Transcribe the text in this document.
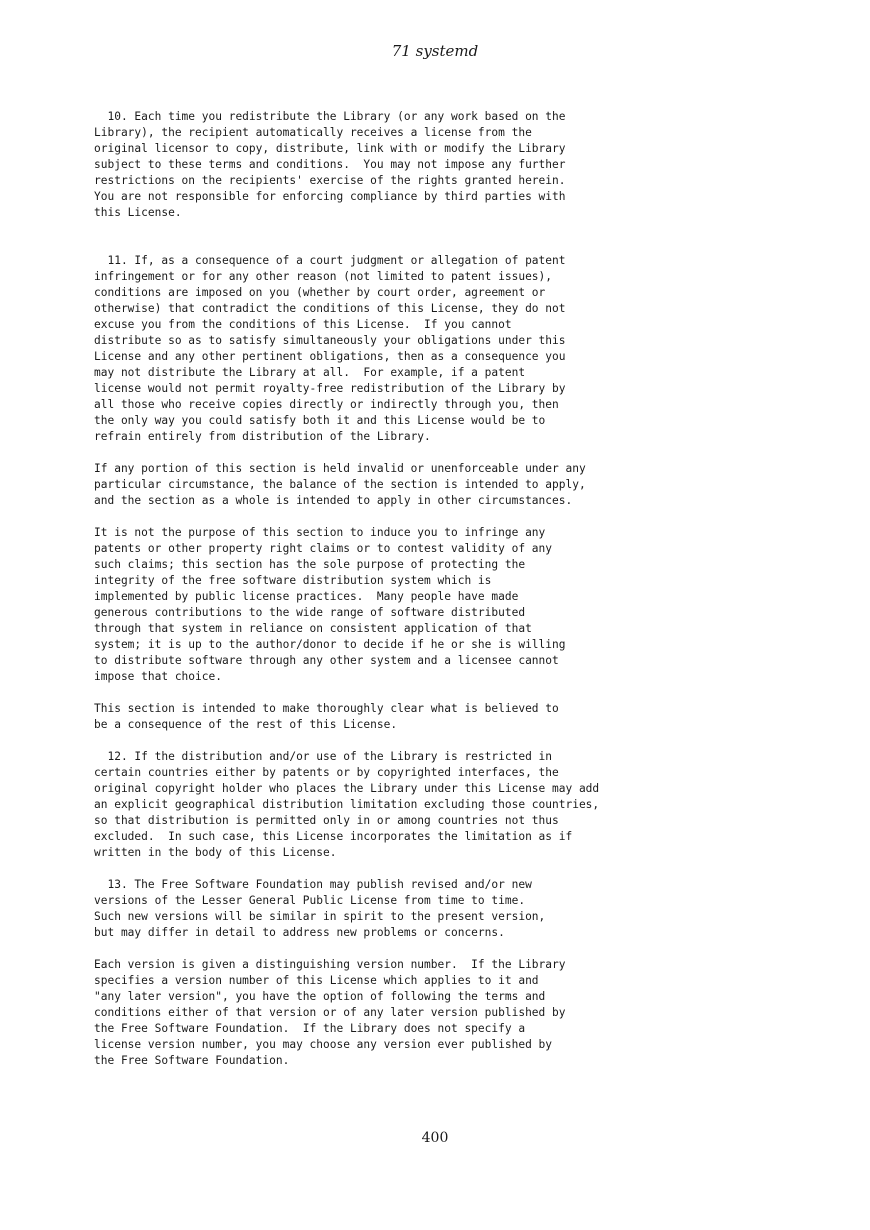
71 systemd
10. Each time you redistribute the Library (or any work based on the
Library), the recipient automatically receives a license from the
original licensor to copy, distribute, link with or modify the Library
subject to these terms and conditions.  You may not impose any further
restrictions on the recipients' exercise of the rights granted herein.
You are not responsible for enforcing compliance by third parties with
this License.
11. If, as a consequence of a court judgment or allegation of patent
infringement or for any other reason (not limited to patent issues),
conditions are imposed on you (whether by court order, agreement or
otherwise) that contradict the conditions of this License, they do not
excuse you from the conditions of this License.  If you cannot
distribute so as to satisfy simultaneously your obligations under this
License and any other pertinent obligations, then as a consequence you
may not distribute the Library at all.  For example, if a patent
license would not permit royalty-free redistribution of the Library by
all those who receive copies directly or indirectly through you, then
the only way you could satisfy both it and this License would be to
refrain entirely from distribution of the Library.
If any portion of this section is held invalid or unenforceable under any
particular circumstance, the balance of the section is intended to apply,
and the section as a whole is intended to apply in other circumstances.
It is not the purpose of this section to induce you to infringe any
patents or other property right claims or to contest validity of any
such claims; this section has the sole purpose of protecting the
integrity of the free software distribution system which is
implemented by public license practices.  Many people have made
generous contributions to the wide range of software distributed
through that system in reliance on consistent application of that
system; it is up to the author/donor to decide if he or she is willing
to distribute software through any other system and a licensee cannot
impose that choice.
This section is intended to make thoroughly clear what is believed to
be a consequence of the rest of this License.
12. If the distribution and/or use of the Library is restricted in
certain countries either by patents or by copyrighted interfaces, the
original copyright holder who places the Library under this License may add
an explicit geographical distribution limitation excluding those countries,
so that distribution is permitted only in or among countries not thus
excluded.  In such case, this License incorporates the limitation as if
written in the body of this License.
13. The Free Software Foundation may publish revised and/or new
versions of the Lesser General Public License from time to time.
Such new versions will be similar in spirit to the present version,
but may differ in detail to address new problems or concerns.
Each version is given a distinguishing version number.  If the Library
specifies a version number of this License which applies to it and
"any later version", you have the option of following the terms and
conditions either of that version or of any later version published by
the Free Software Foundation.  If the Library does not specify a
license version number, you may choose any version ever published by
the Free Software Foundation.
400
